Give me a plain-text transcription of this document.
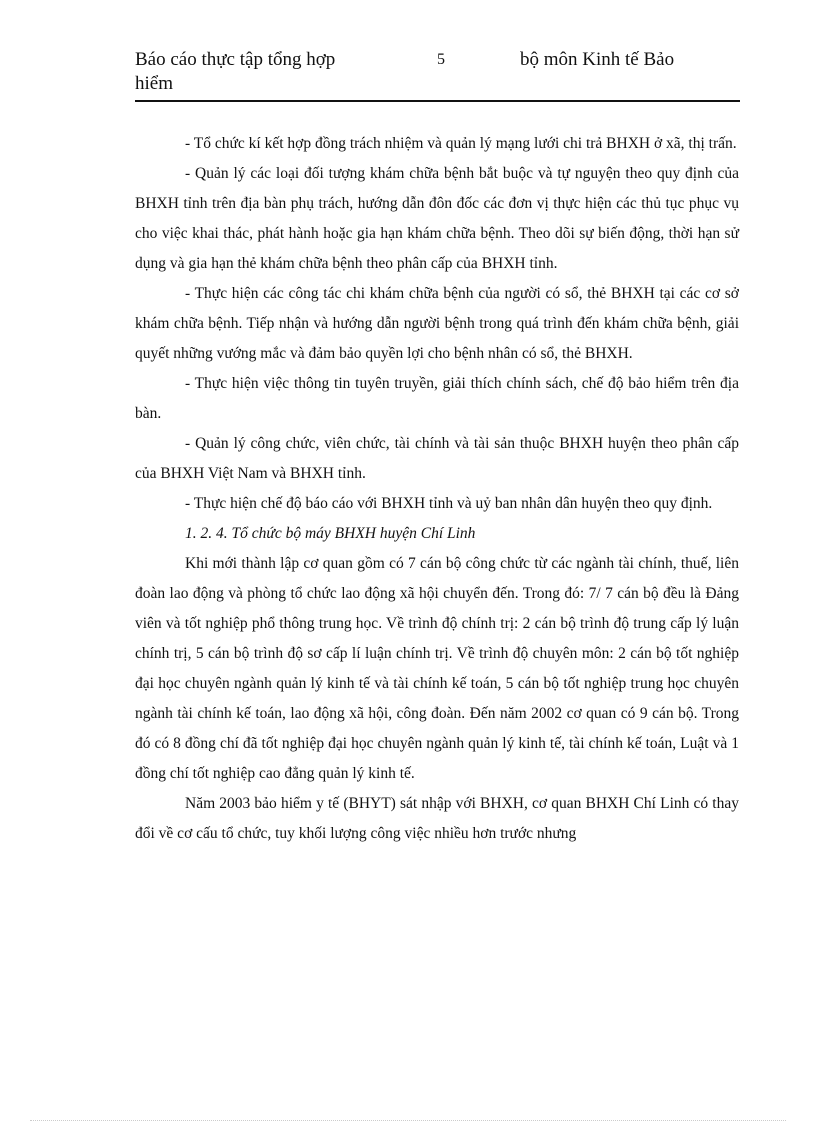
Báo cáo thực tập tổng hợp	5	bộ môn Kinh tế Bảo
hiểm

- Tổ chức kí kết hợp đồng trách nhiệm và quản lý mạng lưới chi trả BHXH ở xã, thị trấn.

- Quản lý các loại đối tượng khám chữa bệnh bắt buộc và tự nguyện theo quy định của BHXH tỉnh trên địa bàn phụ trách, hướng dẫn đôn đốc các đơn vị thực hiện các thủ tục phục vụ cho việc khai thác, phát hành hoặc gia hạn khám chữa bệnh. Theo dõi sự biến động, thời hạn sử dụng và gia hạn thẻ khám chữa bệnh theo phân cấp của BHXH tỉnh.

- Thực hiện các công tác chi khám chữa bệnh của người có sổ, thẻ BHXH tại các cơ sở khám chữa bệnh. Tiếp nhận và hướng dẫn người bệnh trong quá trình đến khám chữa bệnh, giải quyết những vướng mắc và đảm bảo quyền lợi cho bệnh nhân có sổ, thẻ BHXH.

- Thực hiện việc thông tin tuyên truyền, giải thích chính sách, chế độ bảo hiểm trên địa bàn.

- Quản lý công chức, viên chức, tài chính và tài sản thuộc BHXH huyện theo phân cấp của BHXH Việt Nam và BHXH tỉnh.

- Thực hiện chế độ báo cáo với BHXH tỉnh và uỷ ban nhân dân huyện theo quy định.

1. 2. 4. Tổ chức bộ máy BHXH huyện Chí Linh

Khi mới thành lập cơ quan gồm có 7 cán bộ công chức từ các ngành tài chính, thuế, liên đoàn lao động và phòng tổ chức lao động xã hội chuyển đến. Trong đó: 7/ 7 cán bộ đều là Đảng viên và tốt nghiệp phổ thông trung học. Về trình độ chính trị: 2 cán bộ trình độ trung cấp lý luận chính trị, 5 cán bộ trình độ sơ cấp lí luận chính trị. Về trình độ chuyên môn: 2 cán bộ tốt nghiệp đại học chuyên ngành quản lý kinh tế và tài chính kế toán, 5 cán bộ tốt nghiệp trung học chuyên ngành tài chính kế toán, lao động xã hội, công đoàn. Đến năm 2002 cơ quan có 9 cán bộ. Trong đó có 8 đồng chí đã tốt nghiệp đại học chuyên ngành quản lý kinh tế, tài chính kế toán, Luật và 1 đồng chí tốt nghiệp cao đẳng quản lý kinh tế.

Năm 2003 bảo hiểm y tế (BHYT) sát nhập với BHXH, cơ quan BHXH Chí Linh có thay đổi về cơ cấu tổ chức, tuy khối lượng công việc nhiều hơn trước nhưng
